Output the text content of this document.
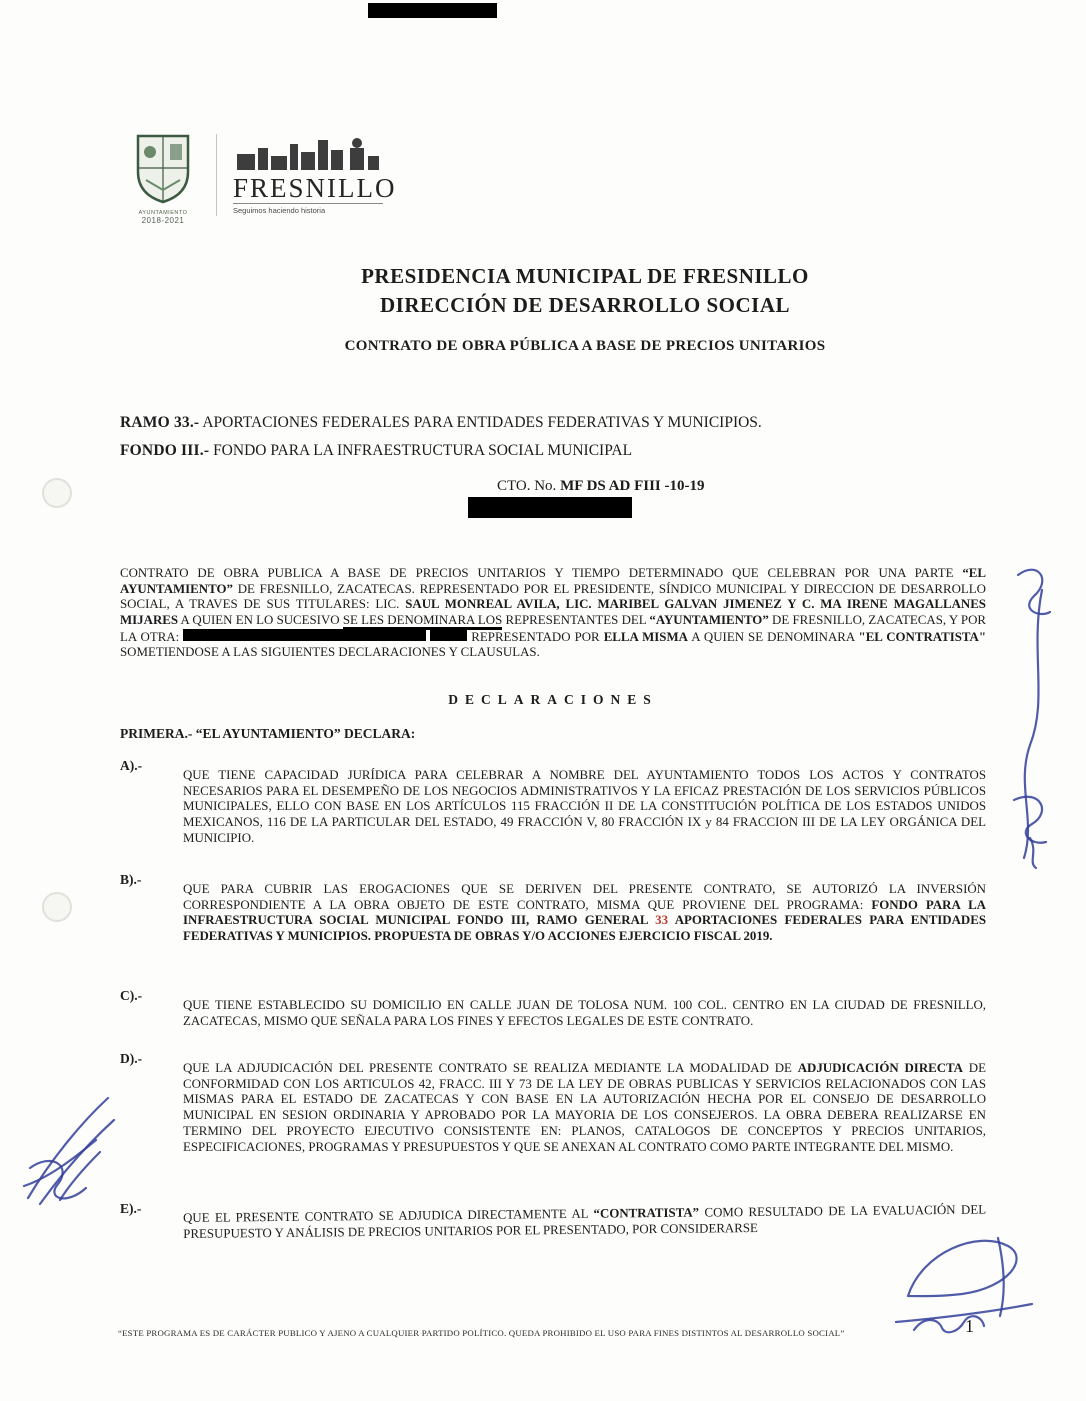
AYUNTAMIENTO
2018-2021
FRESNILLO
Seguimos haciendo historia
PRESIDENCIA MUNICIPAL DE FRESNILLO
DIRECCIÓN DE DESARROLLO SOCIAL
CONTRATO DE OBRA PÚBLICA A BASE DE PRECIOS UNITARIOS
RAMO 33.- APORTACIONES FEDERALES PARA ENTIDADES FEDERATIVAS Y MUNICIPIOS.
FONDO III.- FONDO PARA LA INFRAESTRUCTURA SOCIAL MUNICIPAL
CTO. No. MF DS AD FIII -10-19

CONTRATO DE OBRA PUBLICA A BASE DE PRECIOS UNITARIOS Y TIEMPO DETERMINADO QUE CELEBRAN POR UNA PARTE “EL AYUNTAMIENTO” DE FRESNILLO, ZACATECAS. REPRESENTADO POR EL PRESIDENTE, SÍNDICO MUNICIPAL Y DIRECCION DE DESARROLLO SOCIAL, A TRAVES DE SUS TITULARES: LIC. SAUL MONREAL AVILA, LIC. MARIBEL GALVAN JIMENEZ Y C. MA IRENE MAGALLANES MIJARES A QUIEN EN LO SUCESIVO SE LES DENOMINARA LOS REPRESENTANTES DEL “AYUNTAMIENTO” DE FRESNILLO, ZACATECAS, Y POR LA OTRA:	REPRESENTADO POR ELLA MISMA A QUIEN SE DENOMINARA "EL CONTRATISTA" SOMETIENDOSE A LAS SIGUIENTES DECLARACIONES Y CLAUSULAS.

DECLARACIONES
PRIMERA.- “EL AYUNTAMIENTO” DECLARA:
A).-

QUE TIENE CAPACIDAD JURÍDICA PARA CELEBRAR A NOMBRE DEL AYUNTAMIENTO TODOS LOS ACTOS Y CONTRATOS NECESARIOS PARA EL DESEMPEÑO DE LOS NEGOCIOS ADMINISTRATIVOS Y LA EFICAZ PRESTACIÓN DE LOS SERVICIOS PÚBLICOS MUNICIPALES, ELLO CON BASE EN LOS ARTÍCULOS 115 FRACCIÓN II DE LA CONSTITUCIÓN POLÍTICA DE LOS ESTADOS UNIDOS MEXICANOS, 116 DE LA PARTICULAR DEL ESTADO, 49 FRACCIÓN V, 80 FRACCIÓN IX y 84 FRACCION III DE LA LEY ORGÁNICA DEL MUNICIPIO.

B).-

QUE PARA CUBRIR LAS EROGACIONES QUE SE DERIVEN DEL PRESENTE CONTRATO, SE AUTORIZÓ LA INVERSIÓN CORRESPONDIENTE A LA OBRA OBJETO DE ESTE CONTRATO, MISMA QUE PROVIENE DEL PROGRAMA: FONDO PARA LA INFRAESTRUCTURA SOCIAL MUNICIPAL FONDO III, RAMO GENERAL 33 APORTACIONES FEDERALES PARA ENTIDADES FEDERATIVAS Y MUNICIPIOS. PROPUESTA DE OBRAS Y/O ACCIONES EJERCICIO FISCAL 2019.

C).-

QUE TIENE ESTABLECIDO SU DOMICILIO EN CALLE JUAN DE TOLOSA NUM. 100 COL. CENTRO EN LA CIUDAD DE FRESNILLO, ZACATECAS, MISMO QUE SEÑALA PARA LOS FINES Y EFECTOS LEGALES DE ESTE CONTRATO.

D).-

QUE LA ADJUDICACIÓN DEL PRESENTE CONTRATO SE REALIZA MEDIANTE LA MODALIDAD DE ADJUDICACIÓN DIRECTA DE CONFORMIDAD CON LOS ARTICULOS 42, FRACC. III Y 73 DE LA LEY DE OBRAS PUBLICAS Y SERVICIOS RELACIONADOS CON LAS MISMAS PARA EL ESTADO DE ZACATECAS Y CON BASE EN LA AUTORIZACIÓN HECHA POR EL CONSEJO DE DESARROLLO MUNICIPAL EN SESION ORDINARIA Y APROBADO POR LA MAYORIA DE LOS CONSEJEROS. LA OBRA DEBERA REALIZARSE EN TERMINO DEL PROYECTO EJECUTIVO CONSISTENTE EN: PLANOS, CATALOGOS DE CONCEPTOS Y PRECIOS UNITARIOS, ESPECIFICACIONES, PROGRAMAS Y PRESUPUESTOS Y QUE SE ANEXAN AL CONTRATO COMO PARTE INTEGRANTE DEL MISMO.

E).-	QUE EL PRESENTE CONTRATO SE ADJUDICA DIRECTAMENTE AL “CONTRATISTA” COMO RESULTADO DE LA EVALUACIÓN DEL PRESUPUESTO Y ANÁLISIS DE PRECIOS UNITARIOS POR EL PRESENTADO, POR CONSIDERARSE

“ESTE PROGRAMA ES DE CARÁCTER PUBLICO Y AJENO A CUALQUIER PARTIDO POLÍTICO. QUEDA PROHIBIDO EL USO PARA FINES DISTINTOS AL DESARROLLO SOCIAL”	1
